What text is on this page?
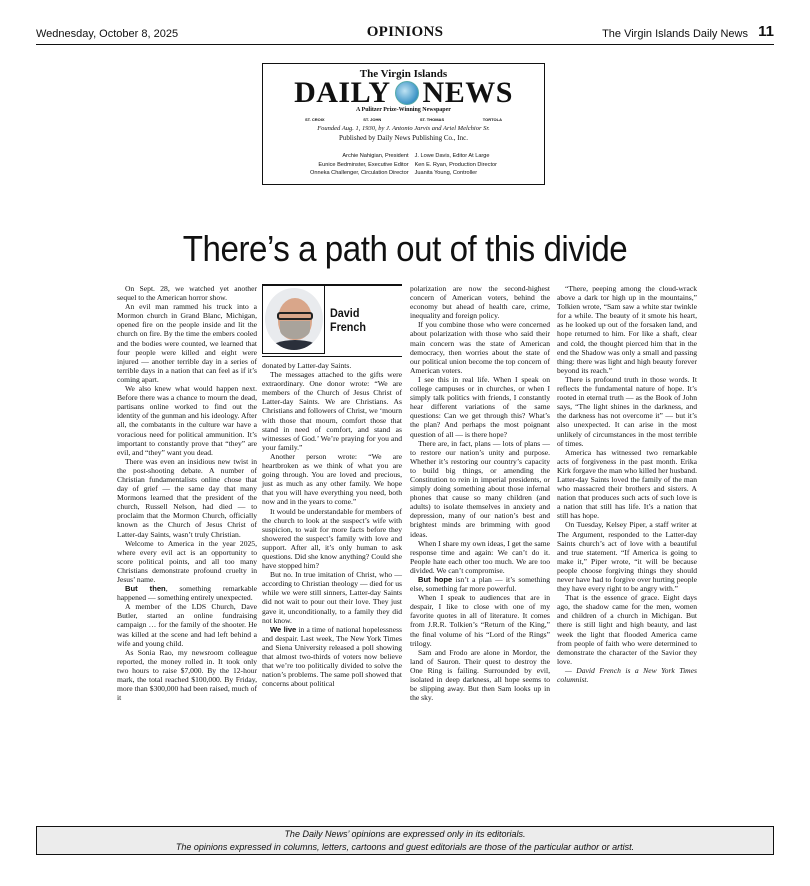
Wednesday, October 8, 2025	OPINIONS	The Virgin Islands Daily News 11
The Virgin Islands
DAILY NEWS
A Pulitzer Prize-Winning Newspaper
ST. CROIX	ST. JOHN	ST. THOMAS	TORTOLA
Founded Aug. 1, 1930, by J. Antonio Jarvis and Ariel Melchior Sr.
Published by Daily News Publishing Co., Inc.
Archie Nahigian, President
Eunice Bedminster, Executive Editor
Onneka Challenger, Circulation Director
J. Lowe Davis, Editor At Large
Ken E. Ryan, Production Director
Juanita Young, Controller
There’s a path out of this divide

On Sept. 28, we watched yet another sequel to the American horror show.

An evil man rammed his truck into a Mormon church in Grand Blanc, Michigan, opened fire on the people inside and lit the church on fire. By the time the embers cooled and the bodies were counted, we learned that four people were killed and eight were injured — another terrible day in a series of terrible days in a nation that can feel as if it’s coming apart.

We also knew what would happen next. Before there was a chance to mourn the dead, partisans online worked to find out the identity of the gunman and his ideology. After all, the combatants in the culture war have a voracious need for political ammunition. It’s important to constantly prove that “they” are evil, and “they” want you dead.

There was even an insidious new twist in the post-shooting debate. A number of Christian fundamentalists online chose that day of grief — the same day that many Mormons learned that the president of the church, Russell Nelson, had died — to proclaim that the Mormon Church, officially known as the Church of Jesus Christ of Latter-day Saints, wasn’t truly Christian.

Welcome to America in the year 2025, where every evil act is an opportunity to score political points, and all too many Christians demonstrate profound cruelty in Jesus’ name.

But then, something remarkable happened — something entirely unexpected.

A member of the LDS Church, Dave Butler, started an online fundraising campaign … for the family of the shooter. He was killed at the scene and had left behind a wife and young child.

As Sonia Rao, my newsroom colleague reported, the money rolled in. It took only two hours to raise $7,000. By the 12-hour mark, the total reached $100,000. By Friday, more than $300,000 had been raised, much of it

David
French

donated by Latter-day Saints.

The messages attached to the gifts were extraordinary. One donor wrote: “We are members of the Church of Jesus Christ of Latter-day Saints. We are Christians. As Christians and followers of Christ, we ‘mourn with those that mourn, comfort those that stand in need of comfort, and stand as witnesses of God.’ We’re praying for you and your family.”

Another person wrote: “We are heartbroken as we think of what you are going through. You are loved and precious, just as much as any other family. We hope that you will have everything you need, both now and in the years to come.”

It would be understandable for members of the church to look at the suspect’s wife with suspicion, to wait for more facts before they showered the suspect’s family with love and support. After all, it’s only human to ask questions. Did she know anything? Could she have stopped him?

But no. In true imitation of Christ, who — according to Christian theology — died for us while we were still sinners, Latter-day Saints did not wait to pour out their love. They just gave it, unconditionally, to a family they did not know.

We live in a time of national hopelessness and despair. Last week, The New York Times and Siena University released a poll showing that almost two-thirds of voters now believe that we’re too politically divided to solve the nation’s problems. The same poll showed that concerns about political

polarization are now the second-highest concern of American voters, behind the economy but ahead of health care, crime, inequality and foreign policy.

If you combine those who were concerned about polarization with those who said their main concern was the state of American democracy, then worries about the state of our political union become the top concern of American voters.

I see this in real life. When I speak on college campuses or in churches, or when I simply talk politics with friends, I constantly hear different variations of the same questions: Can we get through this? What’s the plan? And perhaps the most poignant question of all — is there hope?

There are, in fact, plans — lots of plans — to restore our nation’s unity and purpose. Whether it’s restoring our country’s capacity to build big things, or amending the Constitution to rein in imperial presidents, or simply doing something about those infernal phones that cause so many children (and adults) to isolate themselves in anxiety and depression, many of our nation’s best and brightest minds are brimming with good ideas.

When I share my own ideas, I get the same response time and again: We can’t do it. People hate each other too much. We are too divided. We can’t compromise.

But hope isn’t a plan — it’s something else, something far more powerful.

When I speak to audiences that are in despair, I like to close with one of my favorite quotes in all of literature. It comes from J.R.R. Tolkien’s “Return of the King,” the final volume of his “Lord of the Rings” trilogy.

Sam and Frodo are alone in Mordor, the land of Sauron. Their quest to destroy the One Ring is failing. Surrounded by evil, isolated in deep darkness, all hope seems to be slipping away. But then Sam looks up in the sky.

“There, peeping among the cloud-wrack above a dark tor high up in the mountains,” Tolkien wrote, “Sam saw a white star twinkle for a while. The beauty of it smote his heart, as he looked up out of the forsaken land, and hope returned to him. For like a shaft, clear and cold, the thought pierced him that in the end the Shadow was only a small and passing thing: there was light and high beauty forever beyond its reach.”

There is profound truth in those words. It reflects the fundamental nature of hope. It’s rooted in eternal truth — as the Book of John says, “The light shines in the darkness, and the darkness has not overcome it” — but it’s also unexpected. It can arise in the most unlikely of circumstances in the most terrible of times.

America has witnessed two remarkable acts of forgiveness in the past month. Erika Kirk forgave the man who killed her husband. Latter-day Saints loved the family of the man who massacred their brothers and sisters. A nation that produces such acts of such love is a nation that still has life. It’s a nation that still has hope.

On Tuesday, Kelsey Piper, a staff writer at The Argument, responded to the Latter-day Saints church’s act of love with a beautiful and true statement. “If America is going to make it,” Piper wrote, “it will be because people choose forgiving things they should never have had to forgive over hurting people they have every right to be angry with.”

That is the essence of grace. Eight days ago, the shadow came for the men, women and children of a church in Michigan. But there is still light and high beauty, and last week the light that flooded America came from people of faith who were determined to demonstrate the character of the Savior they love.

— David French is a New York Times columnist.

The Daily News’ opinions are expressed only in its editorials.
The opinions expressed in columns, letters, cartoons and guest editorials are those of the particular author or artist.
